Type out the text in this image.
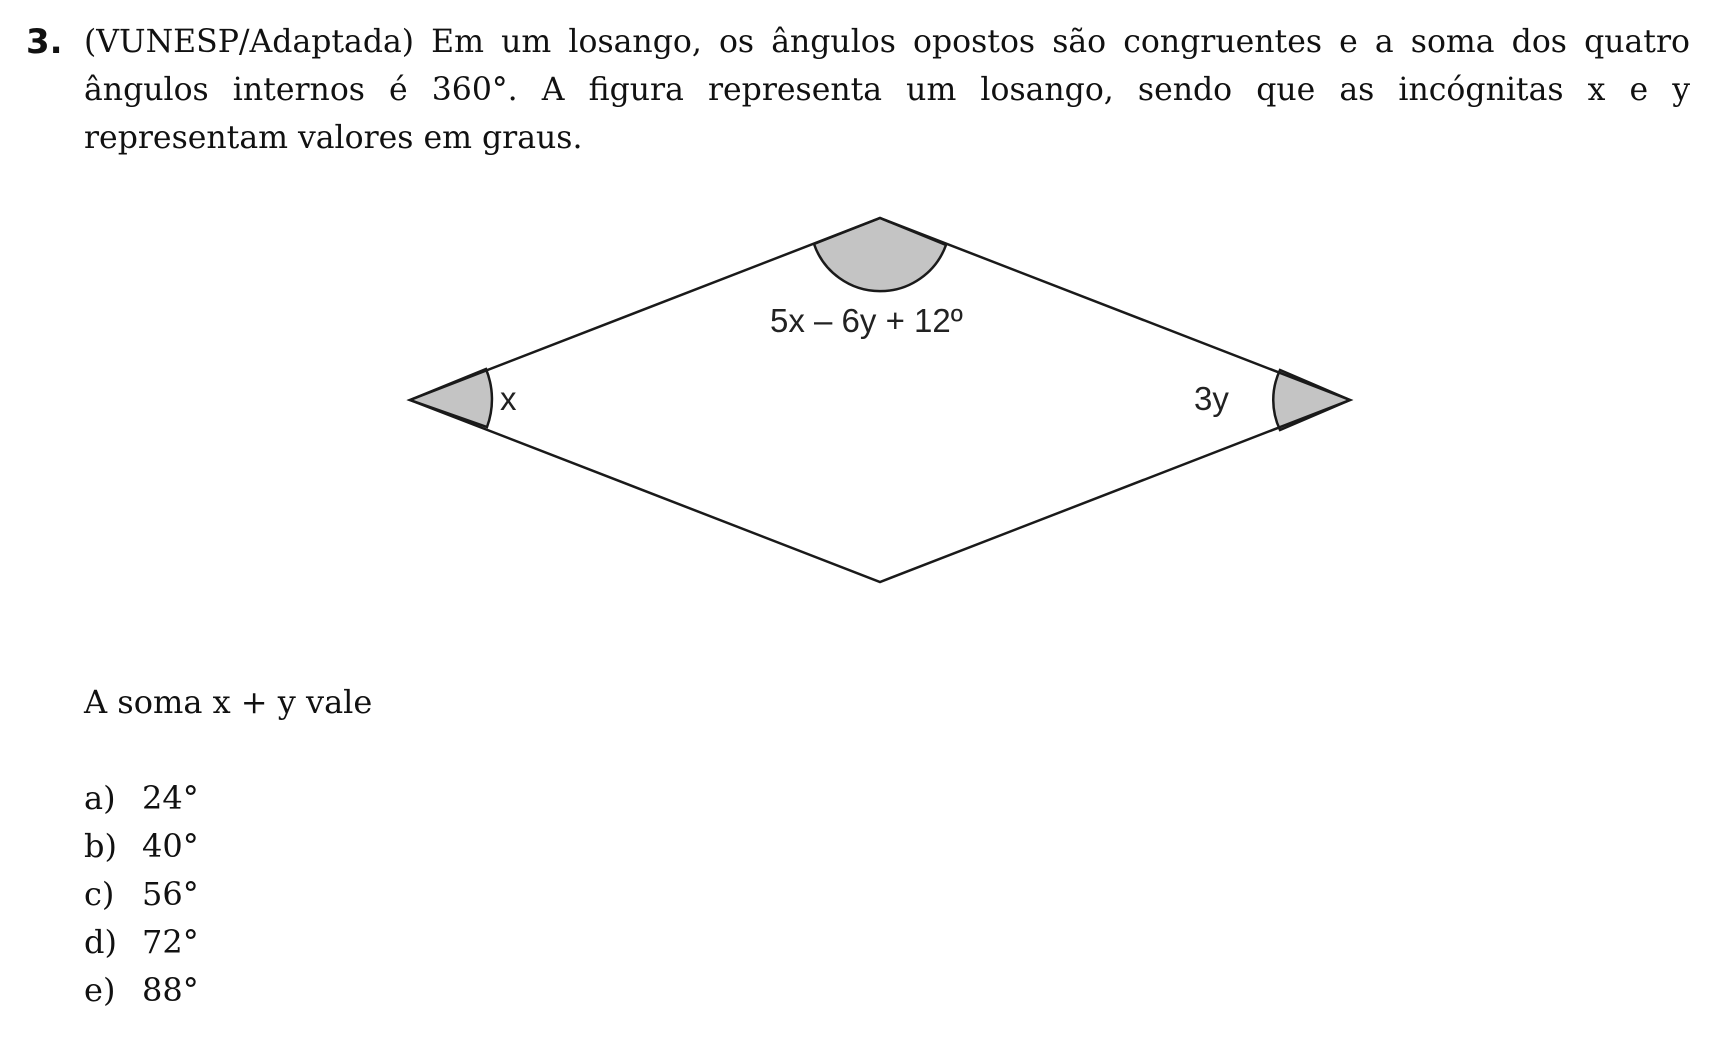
3. (VUNESP/Adaptada) Em um losango, os ângulos opostos são congruentes e a soma dos quatro ângulos internos é 360°. A figura representa um losango, sendo que as incógnitas x e y representam valores em graus.
5x – 6y + 12º
x	3y
A soma x + y vale
a) 24°
b) 40°
c) 56°
d) 72°
e) 88°
